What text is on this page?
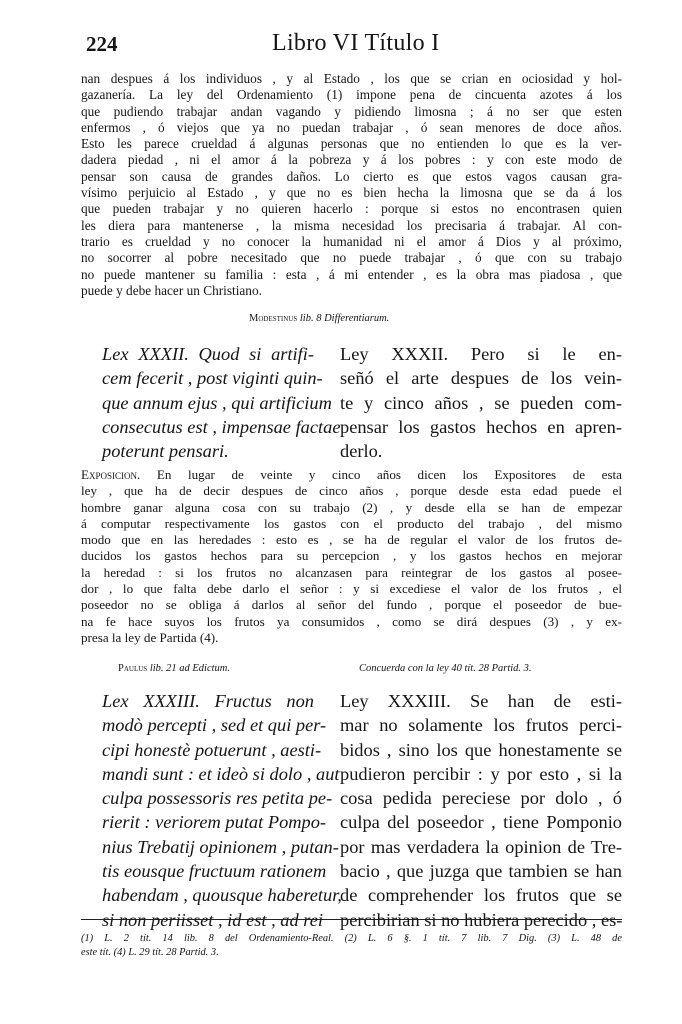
224	Libro VI Título I
nan despues á los individuos , y al Estado , los que se crian en ociosidad y hol-
gazanería. La ley del Ordenamiento (1) impone pena de cincuenta azotes á los
que pudiendo trabajar andan vagando y pidiendo limosna ; á no ser que esten
enfermos , ó viejos que ya no puedan trabajar , ó sean menores de doce años.
Esto les parece crueldad á algunas personas que no entienden lo que es la ver-
dadera piedad , ni el amor á la pobreza y á los pobres : y con este modo de
pensar son causa de grandes daños. Lo cierto es que estos vagos causan gra-
vísimo perjuicio al Estado , y que no es bien hecha la limosna que se da á los
que pueden trabajar y no quieren hacerlo : porque si estos no encontrasen quien
les diera para mantenerse , la misma necesidad los precisaria á trabajar. Al con-
trario es crueldad y no conocer la humanidad ni el amor á Dios y al próximo,
no socorrer al pobre necesitado que no puede trabajar , ó que con su trabajo
no puede mantener su familia : esta , á mi entender , es la obra mas piadosa , que
puede y debe hacer un Christiano.
Modestinus lib. 8 Differentiarum.
Lex XXXII. Quod si artifi-
cem fecerit , post viginti quin-
que annum ejus , qui artificium
consecutus est , impensae factae
poterunt pensari.
Ley XXXII. Pero si le en-
señó el arte despues de los vein-
te y cinco años , se pueden com-
pensar los gastos hechos en apren-
derlo.
Exposicion. En lugar de veinte y cinco años dicen los Expositores de esta
ley , que ha de decir despues de cinco años , porque desde esta edad puede el
hombre ganar alguna cosa con su trabajo (2) , y desde ella se han de empezar
á computar respectivamente los gastos con el producto del trabajo , del mismo
modo que en las heredades : esto es , se ha de regular el valor de los frutos de-
ducidos los gastos hechos para su percepcion , y los gastos hechos en mejorar
la heredad : si los frutos no alcanzasen para reintegrar de los gastos al posee-
dor , lo que falta debe darlo el señor : y si excediese el valor de los frutos , el
poseedor no se obliga á darlos al señor del fundo , porque el poseedor de bue-
na fe hace suyos los frutos ya consumidos , como se dirá despues (3) , y ex-
presa la ley de Partida (4).
Paulus lib. 21 ad Edictum.	Concuerda con la ley 40 tít. 28 Partid. 3.
Lex XXXIII. Fructus non
modò percepti , sed et qui per-
cipi honestè potuerunt , aesti-
mandi sunt : et ideò si dolo , aut
culpa possessoris res petita pe-
rierit : veriorem putat Pompo-
nius Trebatij opinionem , putan-
tis eousque fructuum rationem
habendam , quousque haberetur,
si non periisset , id est , ad rei
Ley XXXIII. Se han de esti-
mar no solamente los frutos perci-
bidos , sino los que honestamente se
pudieron percibir : y por esto , si la
cosa pedida pereciese por dolo , ó
culpa del poseedor , tiene Pomponio
por mas verdadera la opinion de Tre-
bacio , que juzga que tambien se han
de comprehender los frutos que se
percibirian si no hubiera perecido , es-
(1) L. 2 tít. 14 lib. 8 del Ordenamiento-Real. (2) L. 6 §. 1 tít. 7 lib. 7 Dig. (3) L. 48 de
este tít. (4) L. 29 tít. 28 Partid. 3.
